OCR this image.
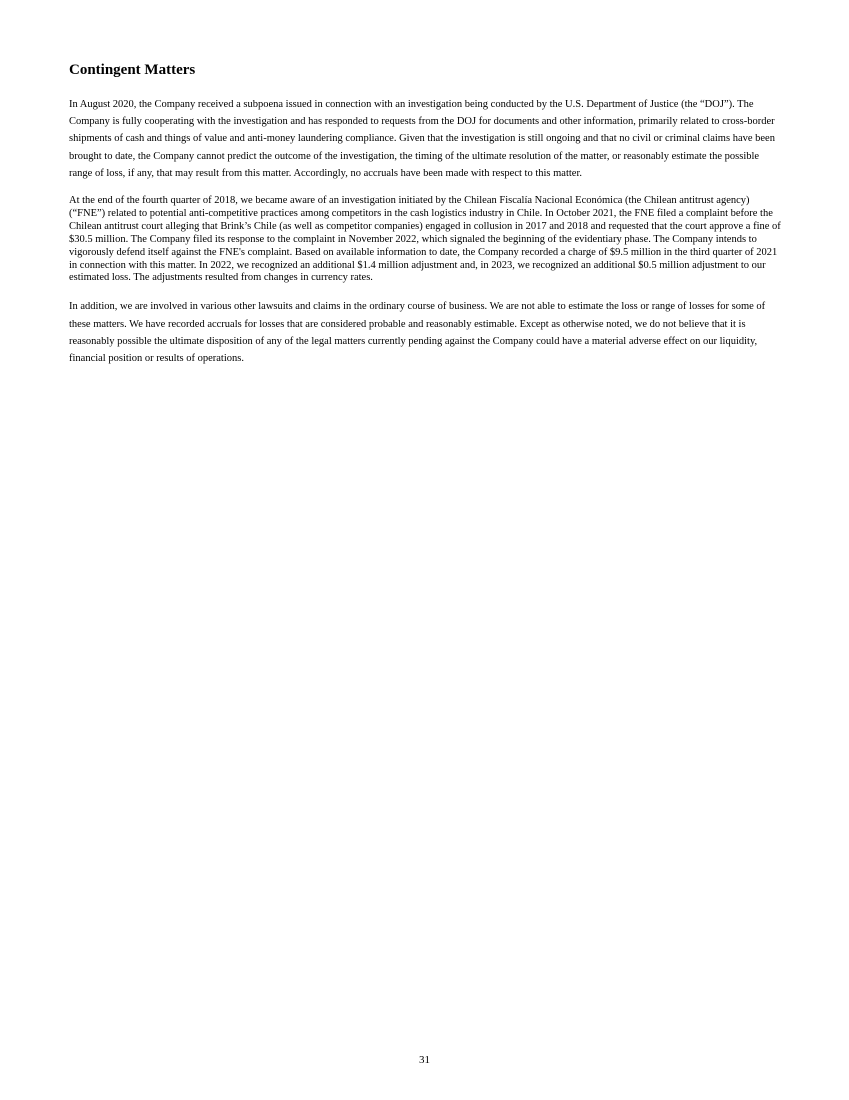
Contingent Matters

In August 2020, the Company received a subpoena issued in connection with an investigation being conducted by the U.S. Department of Justice (the “DOJ”). The Company is fully cooperating with the investigation and has responded to requests from the DOJ for documents and other information, primarily related to cross-border shipments of cash and things of value and anti-money laundering compliance. Given that the investigation is still ongoing and that no civil or criminal claims have been brought to date, the Company cannot predict the outcome of the investigation, the timing of the ultimate resolution of the matter, or reasonably estimate the possible range of loss, if any, that may result from this matter. Accordingly, no accruals have been made with respect to this matter.

At the end of the fourth quarter of 2018, we became aware of an investigation initiated by the Chilean Fiscalía Nacional Económica (the Chilean antitrust agency) (“FNE”) related to potential anti-competitive practices among competitors in the cash logistics industry in Chile. In October 2021, the FNE filed a complaint before the Chilean antitrust court alleging that Brink’s Chile (as well as competitor companies) engaged in collusion in 2017 and 2018 and requested that the court approve a fine of $30.5 million. The Company filed its response to the complaint in November 2022, which signaled the beginning of the evidentiary phase. The Company intends to vigorously defend itself against the FNE's complaint. Based on available information to date, the Company recorded a charge of $9.5 million in the third quarter of 2021 in connection with this matter. In 2022, we recognized an additional $1.4 million adjustment and, in 2023, we recognized an additional $0.5 million adjustment to our estimated loss. The adjustments resulted from changes in currency rates.

In addition, we are involved in various other lawsuits and claims in the ordinary course of business. We are not able to estimate the loss or range of losses for some of these matters. We have recorded accruals for losses that are considered probable and reasonably estimable. Except as otherwise noted, we do not believe that it is reasonably possible the ultimate disposition of any of the legal matters currently pending against the Company could have a material adverse effect on our liquidity, financial position or results of operations.

31
